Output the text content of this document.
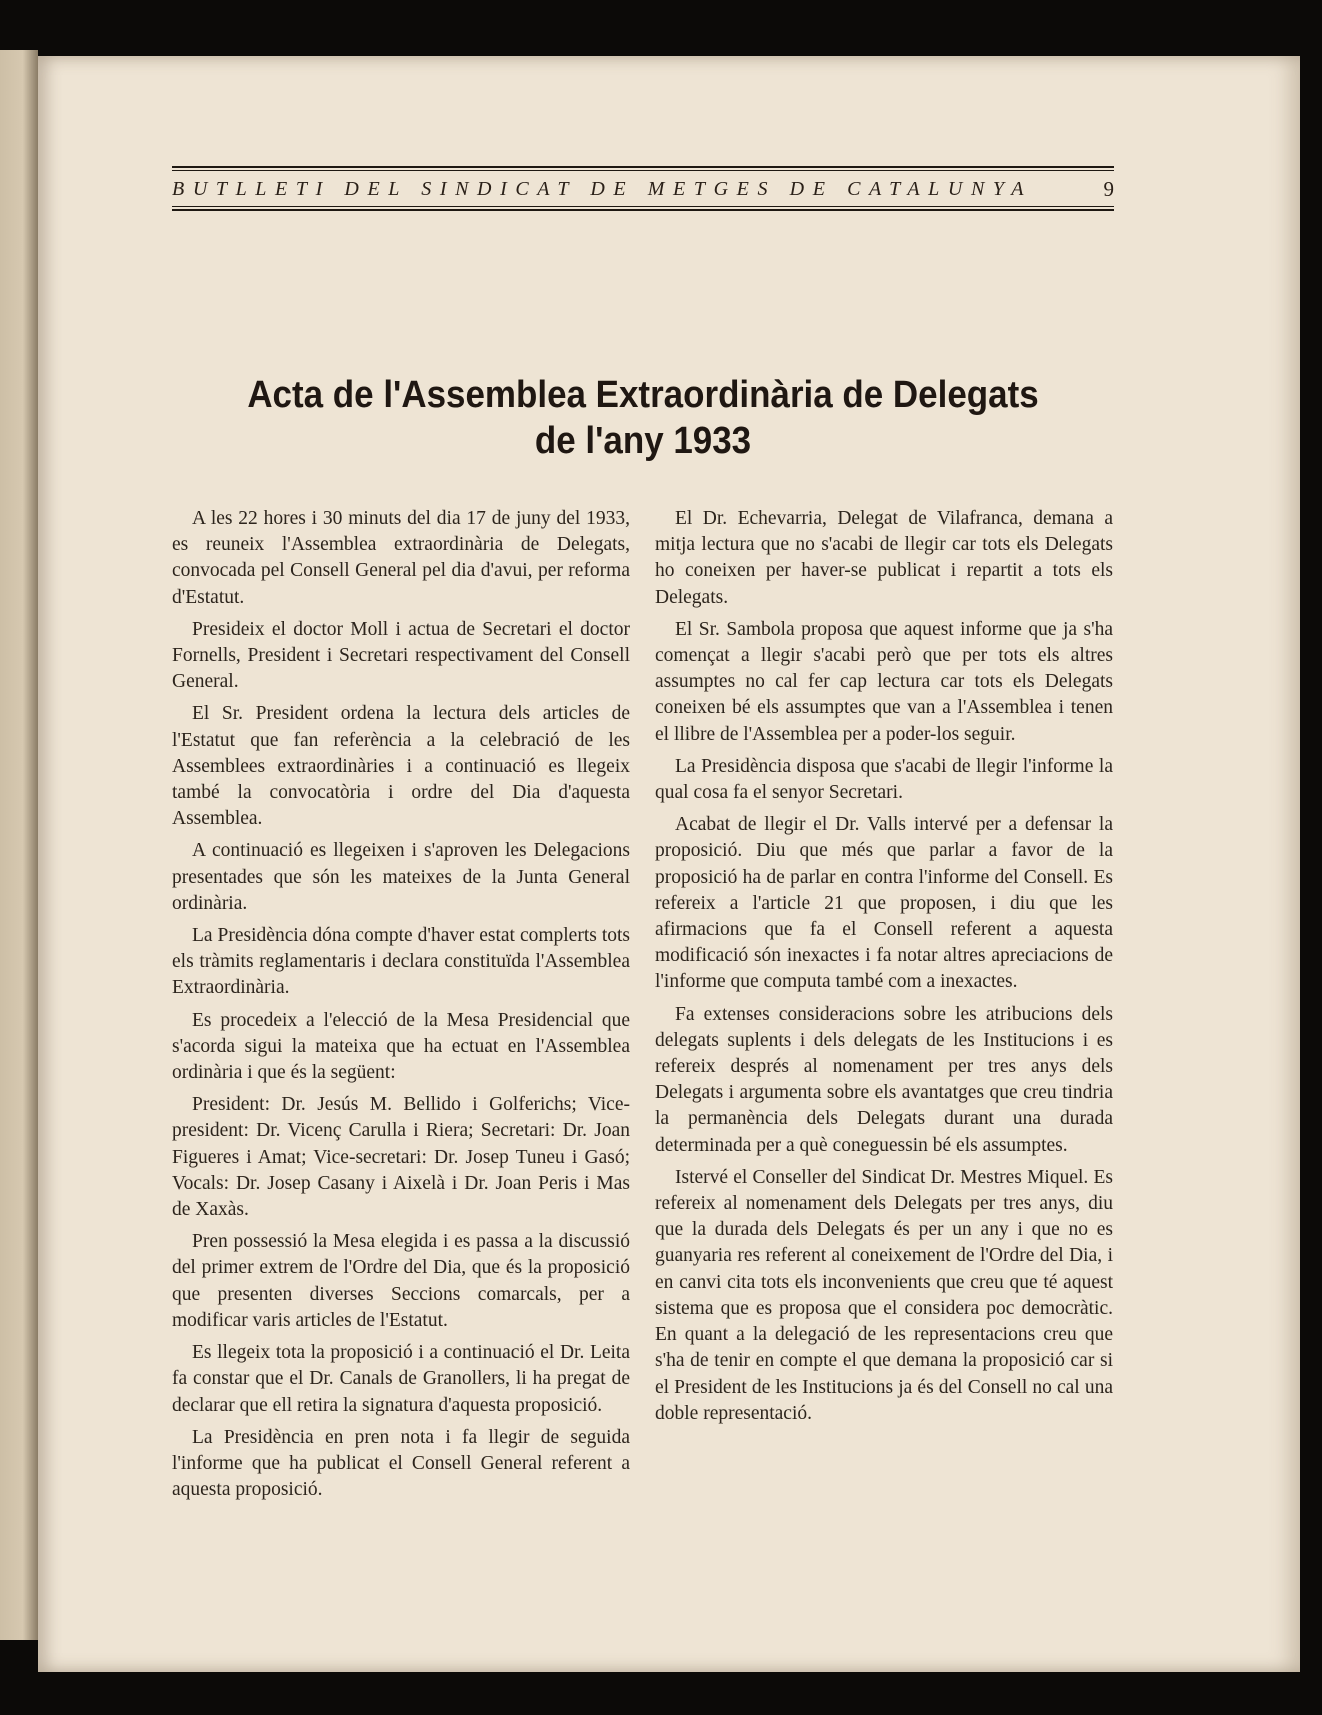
BUTLLETI DEL SINDICAT DE METGES DE CATALUNYA	9
Acta de l'Assemblea Extraordinària de Delegats
de l'any 1933

A les 22 hores i 30 minuts del dia 17 de juny del 1933, es reuneix l'Assemblea extraordinària de Delegats, convocada pel Consell General pel dia d'avui, per reforma d'Estatut.

Presideix el doctor Moll i actua de Secretari el doctor Fornells, President i Secretari respectivament del Consell General.

El Sr. President ordena la lectura dels articles de l'Estatut que fan referència a la celebració de les Assemblees extraordinàries i a continuació es llegeix també la convocatòria i ordre del Dia d'aquesta Assemblea.

A continuació es llegeixen i s'aproven les Delegacions presentades que són les mateixes de la Junta General ordinària.

La Presidència dóna compte d'haver estat complerts tots els tràmits reglamentaris i declara constituïda l'Assemblea Extraordinària.

Es procedeix a l'elecció de la Mesa Presidencial que s'acorda sigui la mateixa que ha ectuat en l'Assemblea ordinària i que és la següent:

President: Dr. Jesús M. Bellido i Golferichs; Vice-president: Dr. Vicenç Carulla i Riera; Secretari: Dr. Joan Figueres i Amat; Vice-secretari: Dr. Josep Tuneu i Gasó; Vocals: Dr. Josep Casany i Aixelà i Dr. Joan Peris i Mas de Xaxàs.

Pren possessió la Mesa elegida i es passa a la discussió del primer extrem de l'Ordre del Dia, que és la proposició que presenten diverses Seccions comarcals, per a modificar varis articles de l'Estatut.

Es llegeix tota la proposició i a continuació el Dr. Leita fa constar que el Dr. Canals de Granollers, li ha pregat de declarar que ell retira la signatura d'aquesta proposició.

La Presidència en pren nota i fa llegir de seguida l'informe que ha publicat el Consell General referent a aquesta proposició.

El Dr. Echevarria, Delegat de Vilafranca, demana a mitja lectura que no s'acabi de llegir car tots els Delegats ho coneixen per haver-se publicat i repartit a tots els Delegats.

El Sr. Sambola proposa que aquest informe que ja s'ha començat a llegir s'acabi però que per tots els altres assumptes no cal fer cap lectura car tots els Delegats coneixen bé els assumptes que van a l'Assemblea i tenen el llibre de l'Assemblea per a poder-los seguir.

La Presidència disposa que s'acabi de llegir l'informe la qual cosa fa el senyor Secretari.

Acabat de llegir el Dr. Valls intervé per a defensar la proposició. Diu que més que parlar a favor de la proposició ha de parlar en contra l'informe del Consell. Es refereix a l'article 21 que proposen, i diu que les afirmacions que fa el Consell referent a aquesta modificació són inexactes i fa notar altres apreciacions de l'informe que computa també com a inexactes.

Fa extenses consideracions sobre les atribucions dels delegats suplents i dels delegats de les Institucions i es refereix després al nomenament per tres anys dels Delegats i argumenta sobre els avantatges que creu tindria la permanència dels Delegats durant una durada determinada per a què coneguessin bé els assumptes.

Istervé el Conseller del Sindicat Dr. Mestres Miquel. Es refereix al nomenament dels Delegats per tres anys, diu que la durada dels Delegats és per un any i que no es guanyaria res referent al coneixement de l'Ordre del Dia, i en canvi cita tots els inconvenients que creu que té aquest sistema que es proposa que el considera poc democràtic. En quant a la delegació de les representacions creu que s'ha de tenir en compte el que demana la proposició car si el President de les Institucions ja és del Consell no cal una doble representació.
